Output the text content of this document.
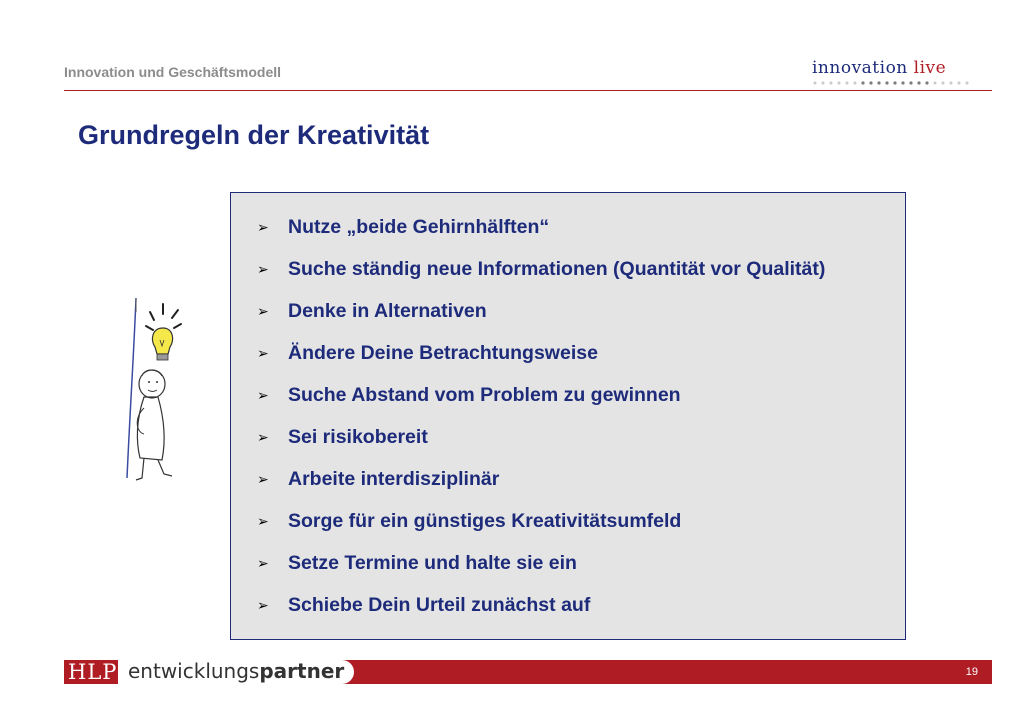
Innovation und Geschäftsmodell	innovation live
Grundregeln der Kreativität
➢ Nutze „beide Gehirnhälften“
➢ Suche ständig neue Informationen (Quantität vor Qualität)
➢ Denke in Alternativen
➢ Ändere Deine Betrachtungsweise
➢ Suche Abstand vom Problem zu gewinnen
➢ Sei risikobereit
➢ Arbeite interdisziplinär
➢ Sorge für ein günstiges Kreativitätsumfeld
➢ Setze Termine und halte sie ein
➢ Schiebe Dein Urteil zunächst auf
HLP entwicklungspartner	19
